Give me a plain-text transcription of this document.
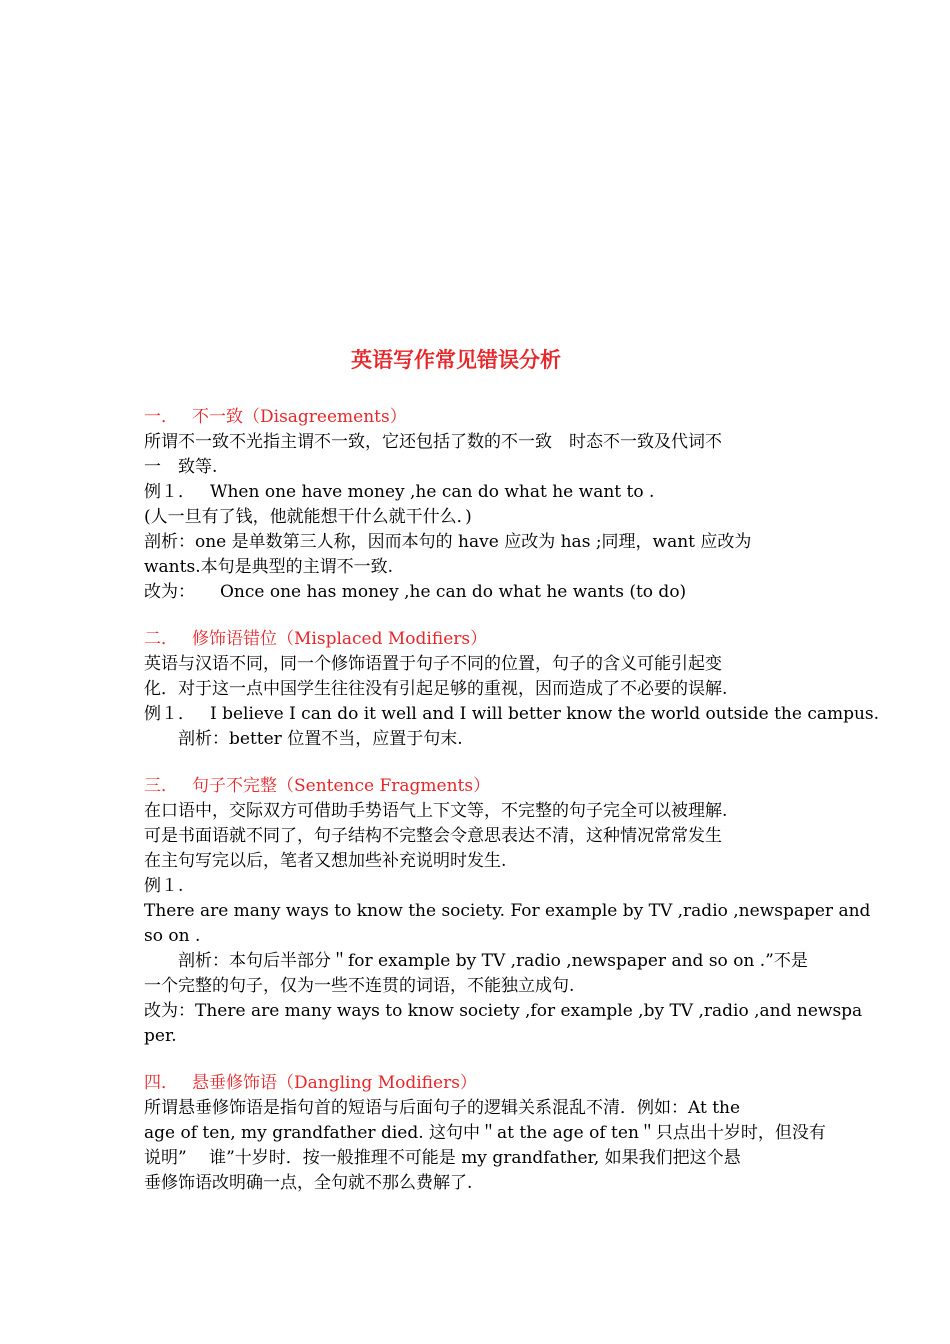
英语写作常见错误分析
一． 不一致（Disagreements）
所谓不一致不光指主谓不一致，它还包括了数的不一致　时态不一致及代词不
一　致等.
例１． When one have money ,he can do what he want to .
(人一旦有了钱，他就能想干什么就干什么．)
剖析：one 是单数第三人称，因而本句的 have 应改为 has ;同理，want 应改为
wants.本句是典型的主谓不一致.
改为： Once one has money ,he can do what he wants (to do)
二． 修饰语错位（Misplaced Modifiers）
英语与汉语不同，同一个修饰语置于句子不同的位置，句子的含义可能引起变
化．对于这一点中国学生往往没有引起足够的重视，因而造成了不必要的误解.
例１． I believe I can do it well and I will better know the world outside the campus.
剖析：better 位置不当，应置于句末.
三． 句子不完整（Sentence Fragments）
在口语中，交际双方可借助手势语气上下文等，不完整的句子完全可以被理解.
可是书面语就不同了，句子结构不完整会令意思表达不清，这种情况常常发生
在主句写完以后，笔者又想加些补充说明时发生.
例１.
There are many ways to know the society. For example by TV ,radio ,newspaper and
so on .
剖析：本句后半部分＂for example by TV ,radio ,newspaper and so on .”不是
一个完整的句子，仅为一些不连贯的词语，不能独立成句.
改为：There are many ways to know society ,for example ,by TV ,radio ,and newspa
per.
四． 悬垂修饰语（Dangling Modifiers）
所谓悬垂修饰语是指句首的短语与后面句子的逻辑关系混乱不清．例如：At the
age of ten, my grandfather died. 这句中＂at the age of ten＂只点出十岁时，但没有
说明”　 谁”十岁时．按一般推理不可能是 my grandfather, 如果我们把这个悬
垂修饰语改明确一点，全句就不那么费解了.
